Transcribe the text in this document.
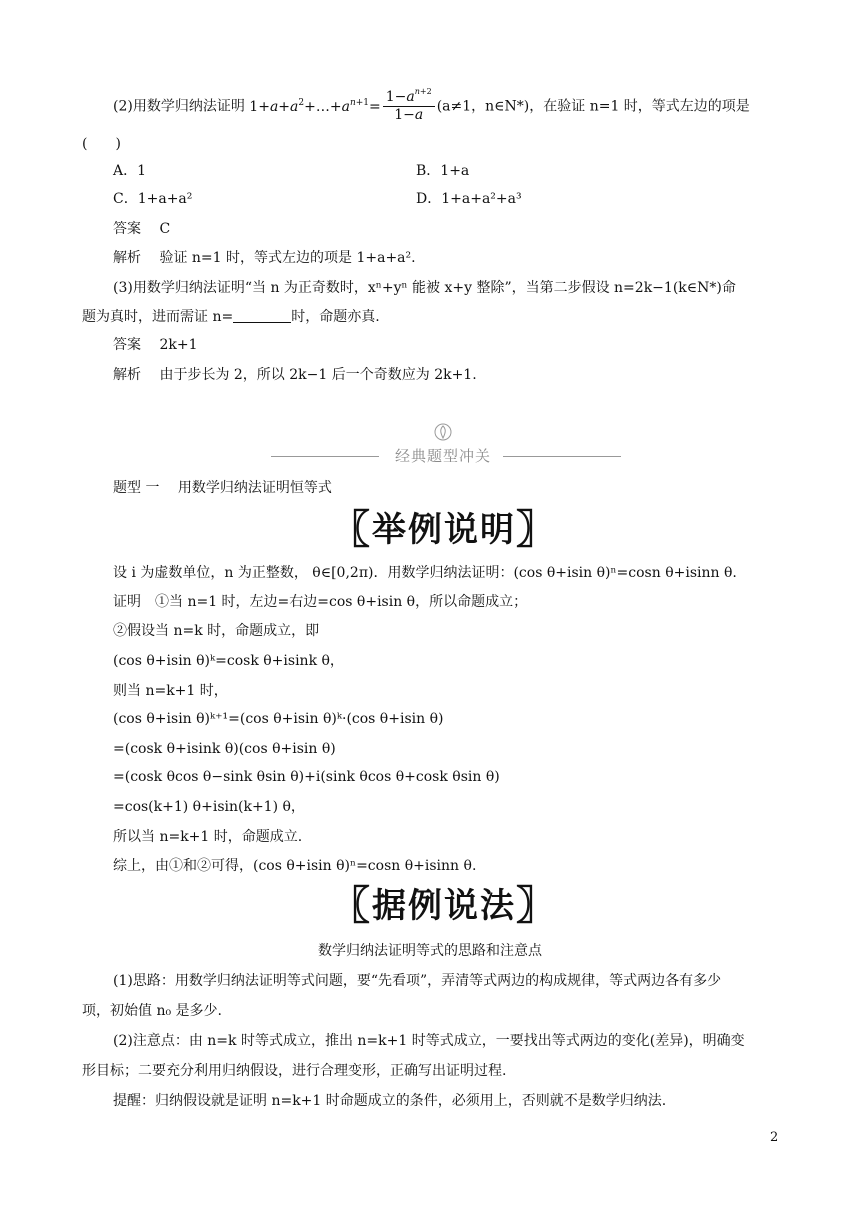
(2)用数学归纳法证明 $1+a+a^2+\dots+a^{n+1}= \frac{1-a^{n+2}}{1-a} (a\ne 1$，n∈N*)，在验证 n=1 时，等式左边的项是
(　　)
A．1	B．1+a
C．1+a+a²	D．1+a+a²+a³
答案　 C
解析　 验证 n=1 时，等式左边的项是 1+a+a².
(3)用数学归纳法证明“当 n 为正奇数时，xⁿ+yⁿ 能被 x+y 整除”，当第二步假设 n=2k−1(k∈N*)命
题为真时，进而需证 n=	时，命题亦真.
答案　 2k+1
解析　 由于步长为 2，所以 2k−1 后一个奇数应为 2k+1.
经典题型冲关
题型 一　 用数学归纳法证明恒等式
〖举例说明〗
设 i 为虚数单位，n 为正整数， θ∈[0,2π)．用数学归纳法证明：(cos θ+isin θ)ⁿ=cosn θ+isinn θ.
证明　①当 n=1 时，左边=右边=cos θ+isin θ，所以命题成立；
②假设当 n=k 时，命题成立，即
(cos θ+isin θ)ᵏ=cosk θ+isink θ，
则当 n=k+1 时，
(cos θ+isin θ)ᵏ⁺¹=(cos θ+isin θ)ᵏ·(cos θ+isin θ)
=(cosk θ+isink θ)(cos θ+isin θ)
=(cosk θcos θ−sink θsin θ)+i(sink θcos θ+cosk θsin θ)
=cos(k+1) θ+isin(k+1) θ，
所以当 n=k+1 时，命题成立.
综上，由①和②可得，(cos θ+isin θ)ⁿ=cosn θ+isinn θ.
〖据例说法〗
数学归纳法证明等式的思路和注意点
(1)思路：用数学归纳法证明等式问题，要“先看项”，弄清等式两边的构成规律，等式两边各有多少
项，初始值 n₀ 是多少.
(2)注意点：由 n=k 时等式成立，推出 n=k+1 时等式成立，一要找出等式两边的变化(差异)，明确变
形目标；二要充分利用归纳假设，进行合理变形，正确写出证明过程.
提醒：归纳假设就是证明 n=k+1 时命题成立的条件，必须用上，否则就不是数学归纳法.
2
